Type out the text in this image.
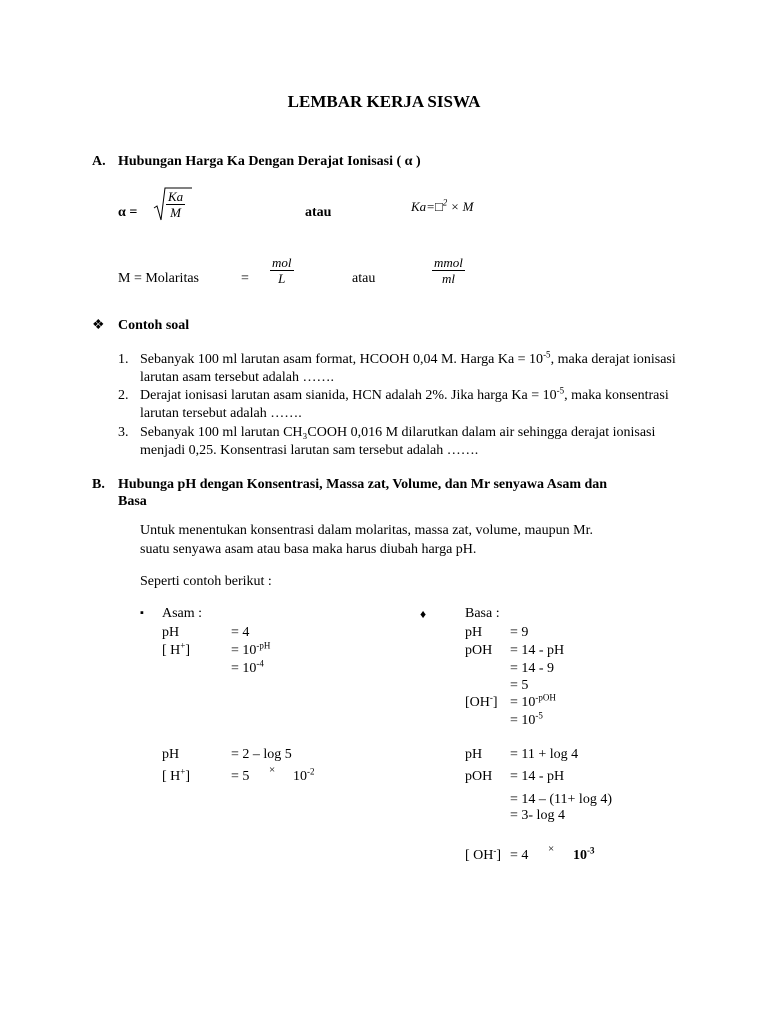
LEMBAR KERJA SISWA
A. Hubungan Harga Ka Dengan Derajat Ionisasi ( α )
$\alpha = \frac{Ka}{M}$	atau	Ka=□$^2$ × M
M = Molaritas	=
mol
L	atau
mmol
ml
❖ Contoh soal
1. Sebanyak 100 ml larutan asam format, HCOOH 0,04 M. Harga $Ka = 10^{-5}$, maka derajat ionisasi larutan asam tersebut adalah …….
2. Derajat ionisasi larutan asam sianida, HCN adalah 2%. Jika harga $Ka = 10^{-5}$, maka konsentrasi larutan tersebut adalah …….
3. Sebanyak 100 ml larutan CH₃COOH 0,016 M dilarutkan dalam air sehingga derajat ionisasi menjadi 0,25. Konsentrasi larutan sam tersebut adalah …….
B. Hubunga pH dengan Konsentrasi, Massa zat, Volume, dan Mr senyawa Asam dan
Basa
Untuk menentukan konsentrasi dalam molaritas, massa zat, volume, maupun Mr.
suatu senyawa asam atau basa maka harus diubah harga pH.
Seperti contoh berikut :
▪ Asam :
pH	= 4
[ H+]	= $10^{-pH}$
= $10^{-4}$
pH	= 2 – log 5
[ H+]	= $5 \times 10^{-2}$
♦	Basa :
pH = 9
pOH = 14 - pH
= 14 - 9
= 5
$[OH^-] = 10^{-pOH}$
= $10^{-5}$
pH = 11 + log 4
pOH = 14 - pH
= 14 – (11+ log 4)
= 3- log 4
[ $OH^-] = 4 \times 10^{-3}$
